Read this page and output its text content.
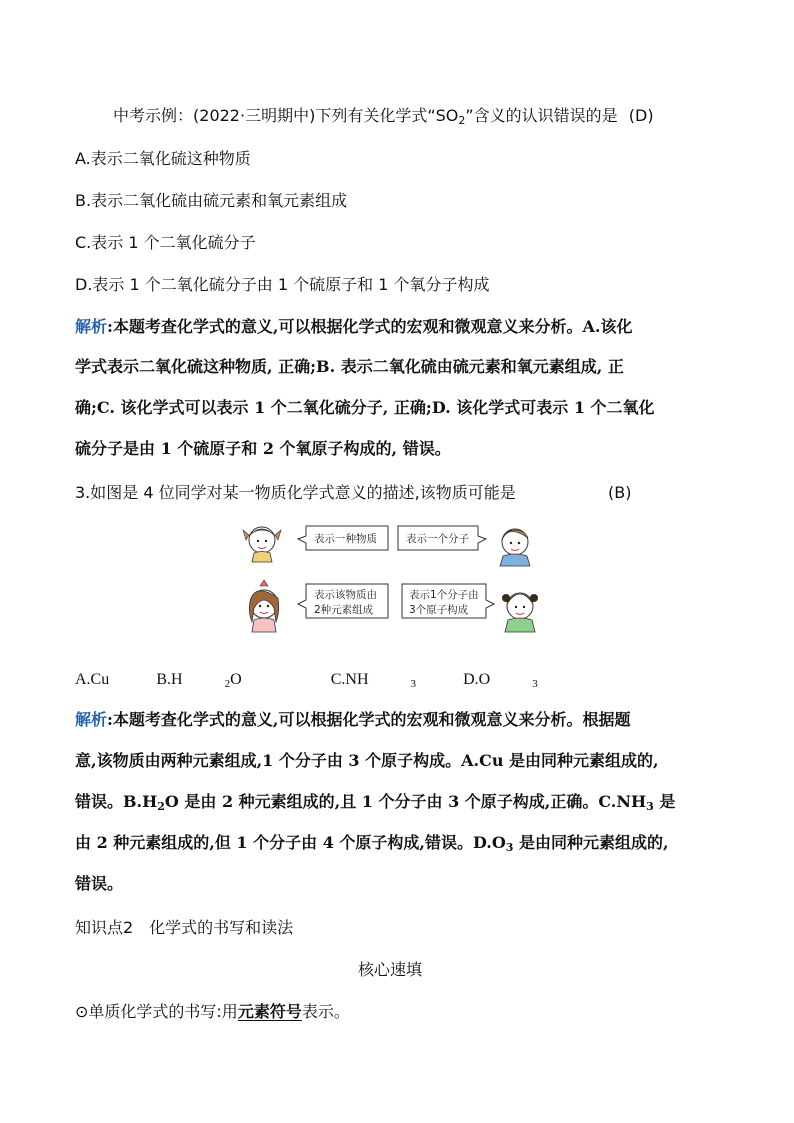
中考示例：(2022·三明期中)下列有关化学式“$SO_2$”含义的认识错误的是 (D)
A.表示二氧化硫这种物质
B.表示二氧化硫由硫元素和氧元素组成
C.表示 1 个二氧化硫分子
D.表示 1 个二氧化硫分子由 1 个硫原子和 1 个氧分子构成
解析:本题考查化学式的意义,可以根据化学式的宏观和微观意义来分析。A.该化
学式表示二氧化硫这种物质, 正确;B. 表示二氧化硫由硫元素和氧元素组成, 正
确;C. 该化学式可以表示 1 个二氧化硫分子, 正确;D. 该化学式可表示 1 个二氧化
硫分子是由 1 个硫原子和 2 个氧原子构成的, 错误。
3.如图是 4 位同学对某一物质化学式意义的描述,该物质可能是	(B)
表示一种物质	表示一个分子
表示该物质由
2种元素组成
表示1个分子由
3个原子构成
A.Cu	B.H	$_2$O	C.NH	$_3$	D.O	$_3$
解析:本题考查化学式的意义,可以根据化学式的宏观和微观意义来分析。根据题
意,该物质由两种元素组成,1 个分子由 3 个原子构成。A.Cu 是由同种元素组成的,
错误。$B.H_2O$ 是由 2 种元素组成的,且 1 个分子由 3 个原子构成,正确。$C.NH_3$ 是
由 2 种元素组成的,但 1 个分子由 4 个原子构成,错误。$D.O_3$ 是由同种元素组成的,
错误。
知识点2　化学式的书写和读法
核心速填
⊙单质化学式的书写:用元素符号表示。
